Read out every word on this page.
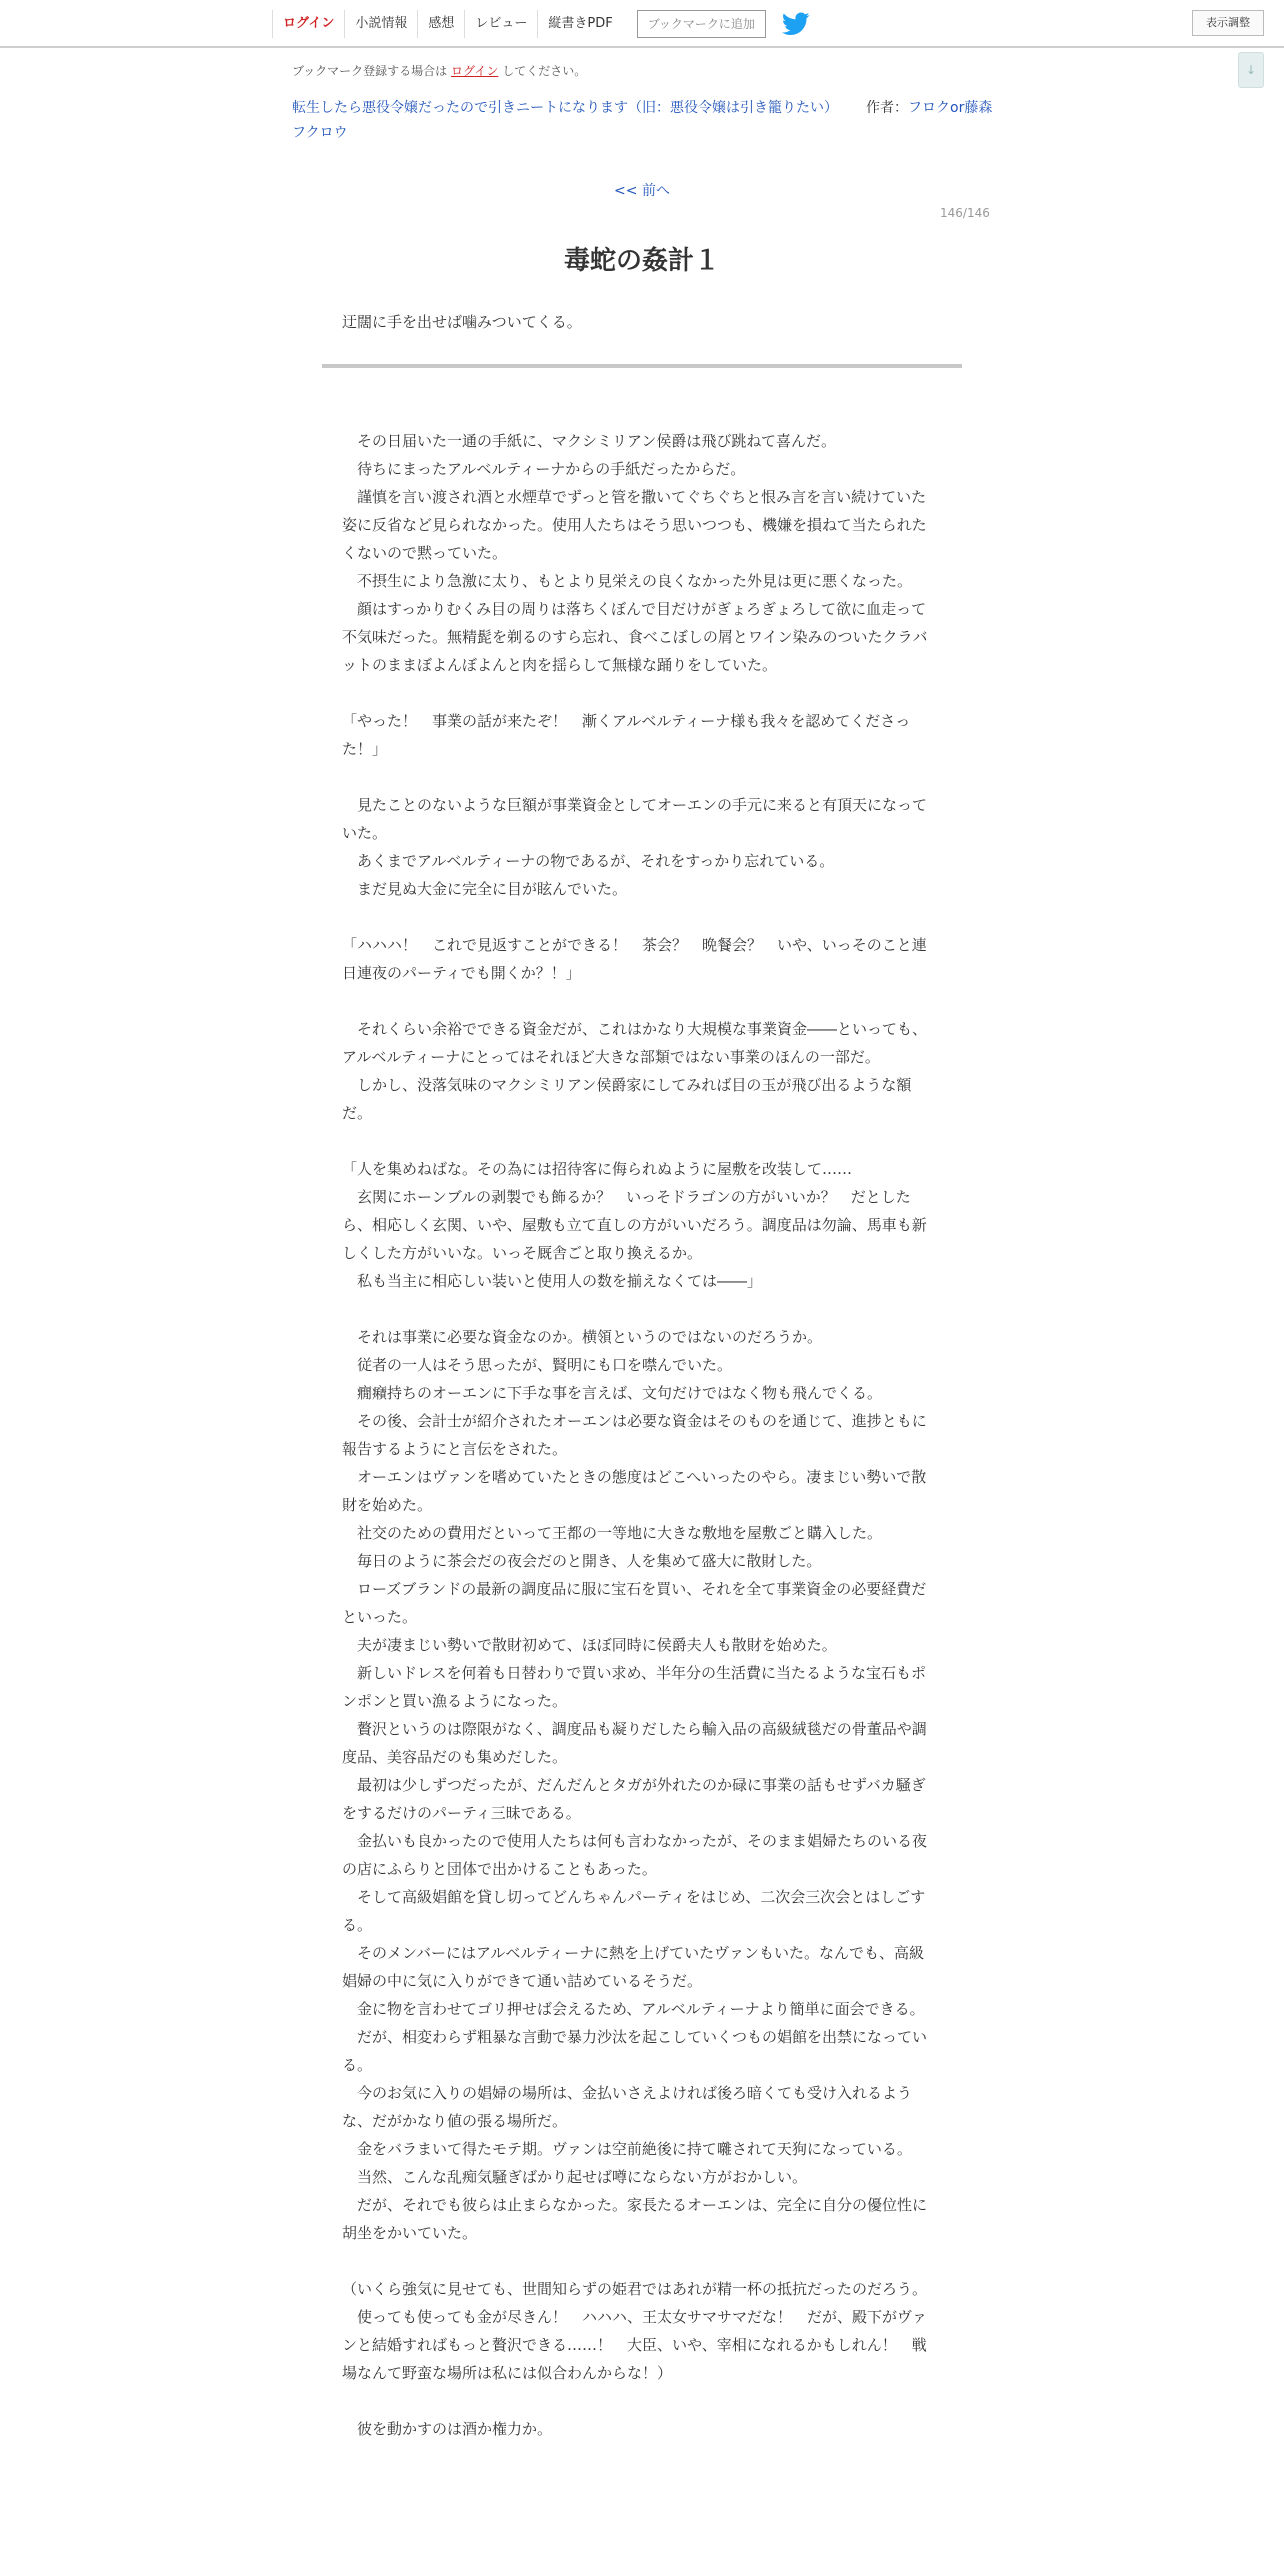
ログイン	小説情報	感想	レビュー	縦書きPDF	ブックマークに追加	表示調整
↓
ブックマーク登録する場合は ログイン してください。
転生したら悪役令嬢だったので引きニートになります（旧：悪役令嬢は引き籠りたい） 作者：フロクor藤森フクロウ
<< 前へ
146/146
毒蛇の姦計１
迂闊に手を出せば噛みついてくる。

　その日届いた一通の手紙に、マクシミリアン侯爵は飛び跳ねて喜んだ。

　待ちにまったアルベルティーナからの手紙だったからだ。

　謹慎を言い渡され酒と水煙草でずっと管を撒いてぐちぐちと恨み言を言い続けていた姿に反省など見られなかった。使用人たちはそう思いつつも、機嫌を損ねて当たられたくないので黙っていた。

　不摂生により急激に太り、もとより見栄えの良くなかった外見は更に悪くなった。

　顔はすっかりむくみ目の周りは落ちくぼんで目だけがぎょろぎょろして欲に血走って不気味だった。無精髭を剃るのすら忘れ、食べこぼしの屑とワイン染みのついたクラバットのままぼよんぼよんと肉を揺らして無様な踊りをしていた。

「やった！　事業の話が来たぞ！　漸くアルベルティーナ様も我々を認めてくださった！」

　見たことのないような巨額が事業資金としてオーエンの手元に来ると有頂天になっていた。

　あくまでアルベルティーナの物であるが、それをすっかり忘れている。

　まだ見ぬ大金に完全に目が眩んでいた。

「ハハハ！　これで見返すことができる！　茶会？　晩餐会？　いや、いっそのこと連日連夜のパーティでも開くか？！」

　それくらい余裕でできる資金だが、これはかなり大規模な事業資金――といっても、アルベルティーナにとってはそれほど大きな部類ではない事業のほんの一部だ。

　しかし、没落気味のマクシミリアン侯爵家にしてみれば目の玉が飛び出るような額だ。

「人を集めねばな。その為には招待客に侮られぬように屋敷を改装して……

　玄関にホーンブルの剥製でも飾るか？　いっそドラゴンの方がいいか？　だとしたら、相応しく玄関、いや、屋敷も立て直しの方がいいだろう。調度品は勿論、馬車も新しくした方がいいな。いっそ厩舎ごと取り換えるか。

　私も当主に相応しい装いと使用人の数を揃えなくては――」

　それは事業に必要な資金なのか。横領というのではないのだろうか。

　従者の一人はそう思ったが、賢明にも口を噤んでいた。

　癇癪持ちのオーエンに下手な事を言えば、文句だけではなく物も飛んでくる。

　その後、会計士が紹介されたオーエンは必要な資金はそのものを通じて、進捗ともに報告するようにと言伝をされた。

　オーエンはヴァンを嗜めていたときの態度はどこへいったのやら。凄まじい勢いで散財を始めた。

　社交のための費用だといって王都の一等地に大きな敷地を屋敷ごと購入した。

　毎日のように茶会だの夜会だのと開き、人を集めて盛大に散財した。

　ローズブランドの最新の調度品に服に宝石を買い、それを全て事業資金の必要経費だといった。

　夫が凄まじい勢いで散財初めて、ほぼ同時に侯爵夫人も散財を始めた。

　新しいドレスを何着も日替わりで買い求め、半年分の生活費に当たるような宝石もポンポンと買い漁るようになった。

　贅沢というのは際限がなく、調度品も凝りだしたら輸入品の高級絨毯だの骨董品や調度品、美容品だのも集めだした。

　最初は少しずつだったが、だんだんとタガが外れたのか碌に事業の話もせずバカ騒ぎをするだけのパーティ三昧である。

　金払いも良かったので使用人たちは何も言わなかったが、そのまま娼婦たちのいる夜の店にふらりと団体で出かけることもあった。

　そして高級娼館を貸し切ってどんちゃんパーティをはじめ、二次会三次会とはしごする。

　そのメンバーにはアルベルティーナに熱を上げていたヴァンもいた。なんでも、高級娼婦の中に気に入りができて通い詰めているそうだ。

　金に物を言わせてゴリ押せば会えるため、アルベルティーナより簡単に面会できる。

　だが、相変わらず粗暴な言動で暴力沙汰を起こしていくつもの娼館を出禁になっている。

　今のお気に入りの娼婦の場所は、金払いさえよければ後ろ暗くても受け入れるような、だがかなり値の張る場所だ。

　金をバラまいて得たモテ期。ヴァンは空前絶後に持て囃されて天狗になっている。

　当然、こんな乱痴気騒ぎばかり起せば噂にならない方がおかしい。

　だが、それでも彼らは止まらなかった。家長たるオーエンは、完全に自分の優位性に胡坐をかいていた。

（いくら強気に見せても、世間知らずの姫君ではあれが精一杯の抵抗だったのだろう。

　使っても使っても金が尽きん！　ハハハ、王太女サマサマだな！　だが、殿下がヴァンと結婚すればもっと贅沢できる……！　大臣、いや、宰相になれるかもしれん！　戦場なんて野蛮な場所は私には似合わんからな！）

　彼を動かすのは酒か権力か。
